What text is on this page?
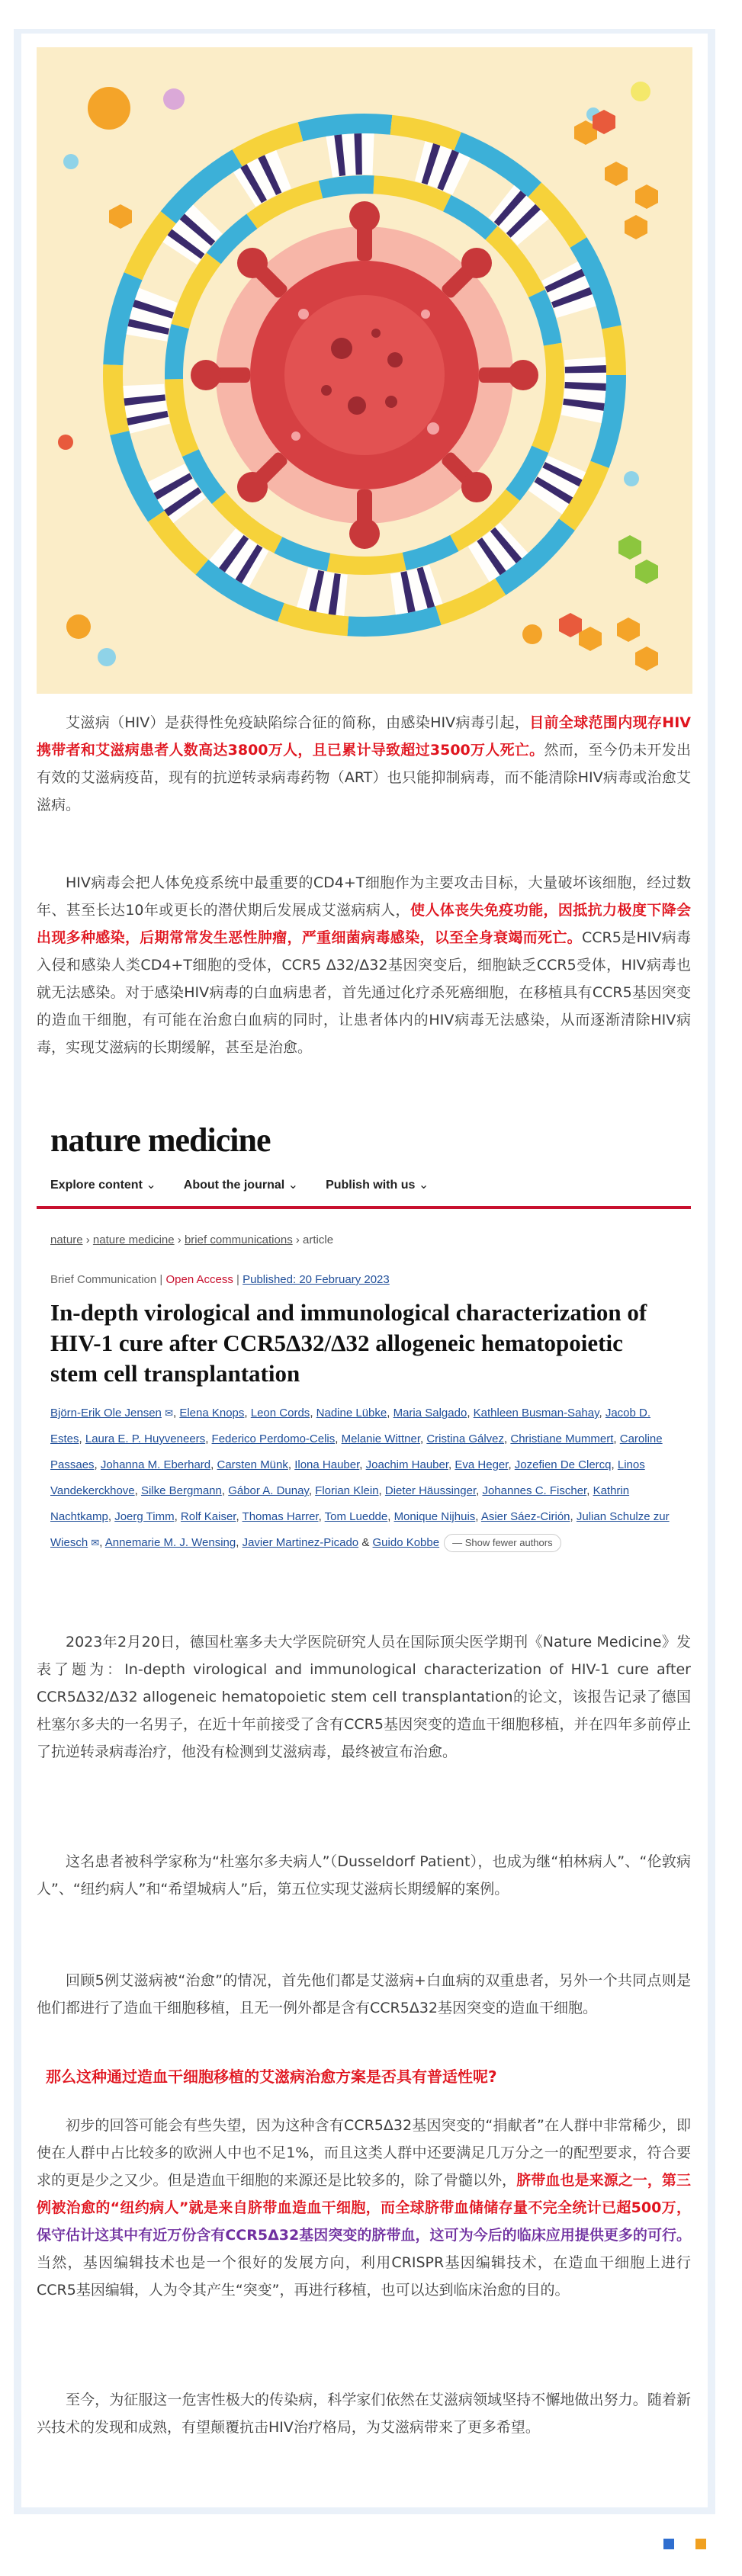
艾滋病（HIV）是获得性免疫缺陷综合征的简称，由感染HIV病毒引起，目前全球范围内现存HIV携带者和艾滋病患者人数高达3800万人，且已累计导致超过3500万人死亡。然而，至今仍未开发出有效的艾滋病疫苗，现有的抗逆转录病毒药物（ART）也只能抑制病毒，而不能清除HIV病毒或治愈艾滋病。

HIV病毒会把人体免疫系统中最重要的CD4+T细胞作为主要攻击目标，大量破坏该细胞，经过数年、甚至长达10年或更长的潜伏期后发展成艾滋病病人，使人体丧失免疫功能，因抵抗力极度下降会出现多种感染，后期常常发生恶性肿瘤，严重细菌病毒感染，以至全身衰竭而死亡。CCR5是HIV病毒入侵和感染人类CD4+T细胞的受体，CCR5 Δ32/Δ32基因突变后，细胞缺乏CCR5受体，HIV病毒也就无法感染。对于感染HIV病毒的白血病患者，首先通过化疗杀死癌细胞，在移植具有CCR5基因突变的造血干细胞，有可能在治愈白血病的同时，让患者体内的HIV病毒无法感染，从而逐渐清除HIV病毒，实现艾滋病的长期缓解，甚至是治愈。

nature medicine
Explore content ⌄ About the journal ⌄ Publish with us ⌄
nature › nature medicine › brief communications › article
Brief Communication | Open Access | Published: 20 February 2023
In-depth virological and immunological characterization of HIV-1 cure after CCR5Δ32/Δ32 allogeneic hematopoietic stem cell transplantation
Björn-Erik Ole Jensen ✉, Elena Knops, Leon Cords, Nadine Lübke, Maria Salgado, Kathleen Busman-Sahay, Jacob D. Estes, Laura E. P. Huyveneers, Federico Perdomo-Celis, Melanie Wittner, Cristina Gálvez, Christiane Mummert, Caroline Passaes, Johanna M. Eberhard, Carsten Münk, Ilona Hauber, Joachim Hauber, Eva Heger, Jozefien De Clercq, Linos Vandekerckhove, Silke Bergmann, Gábor A. Dunay, Florian Klein, Dieter Häussinger, Johannes C. Fischer, Kathrin Nachtkamp, Joerg Timm, Rolf Kaiser, Thomas Harrer, Tom Luedde, Monique Nijhuis, Asier Sáez-Cirión, Julian Schulze zur Wiesch ✉, Annemarie M. J. Wensing, Javier Martinez-Picado & Guido Kobbe — Show fewer authors

2023年2月20日，德国杜塞多夫大学医院研究人员在国际顶尖医学期刊《Nature Medicine》发表了题为：In-depth virological and immunological characterization of HIV-1 cure after CCR5Δ32/Δ32 allogeneic hematopoietic stem cell transplantation的论文，该报告记录了德国杜塞尔多夫的一名男子，在近十年前接受了含有CCR5基因突变的造血干细胞移植，并在四年多前停止了抗逆转录病毒治疗，他没有检测到艾滋病毒，最终被宣布治愈。

这名患者被科学家称为“杜塞尔多夫病人”（Dusseldorf Patient），也成为继“柏林病人”、“伦敦病人”、“纽约病人”和“希望城病人”后，第五位实现艾滋病长期缓解的案例。

回顾5例艾滋病被“治愈”的情况，首先他们都是艾滋病+白血病的双重患者，另外一个共同点则是他们都进行了造血干细胞移植，且无一例外都是含有CCR5Δ32基因突变的造血干细胞。

那么这种通过造血干细胞移植的艾滋病治愈方案是否具有普适性呢?

初步的回答可能会有些失望，因为这种含有CCR5Δ32基因突变的“捐献者”在人群中非常稀少，即使在人群中占比较多的欧洲人中也不足1%，而且这类人群中还要满足几万分之一的配型要求，符合要求的更是少之又少。但是造血干细胞的来源还是比较多的，除了骨髓以外，脐带血也是来源之一，第三例被治愈的“纽约病人”就是来自脐带血造血干细胞，而全球脐带血储储存量不完全统计已超500万，保守估计这其中有近万份含有CCR5Δ32基因突变的脐带血，这可为今后的临床应用提供更多的可行。当然，基因编辑技术也是一个很好的发展方向，利用CRISPR基因编辑技术，在造血干细胞上进行CCR5基因编辑，人为令其产生“突变”，再进行移植，也可以达到临床治愈的目的。

至今，为征服这一危害性极大的传染病，科学家们依然在艾滋病领域坚持不懈地做出努力。随着新兴技术的发现和成熟，有望颠覆抗击HIV治疗格局，为艾滋病带来了更多希望。
